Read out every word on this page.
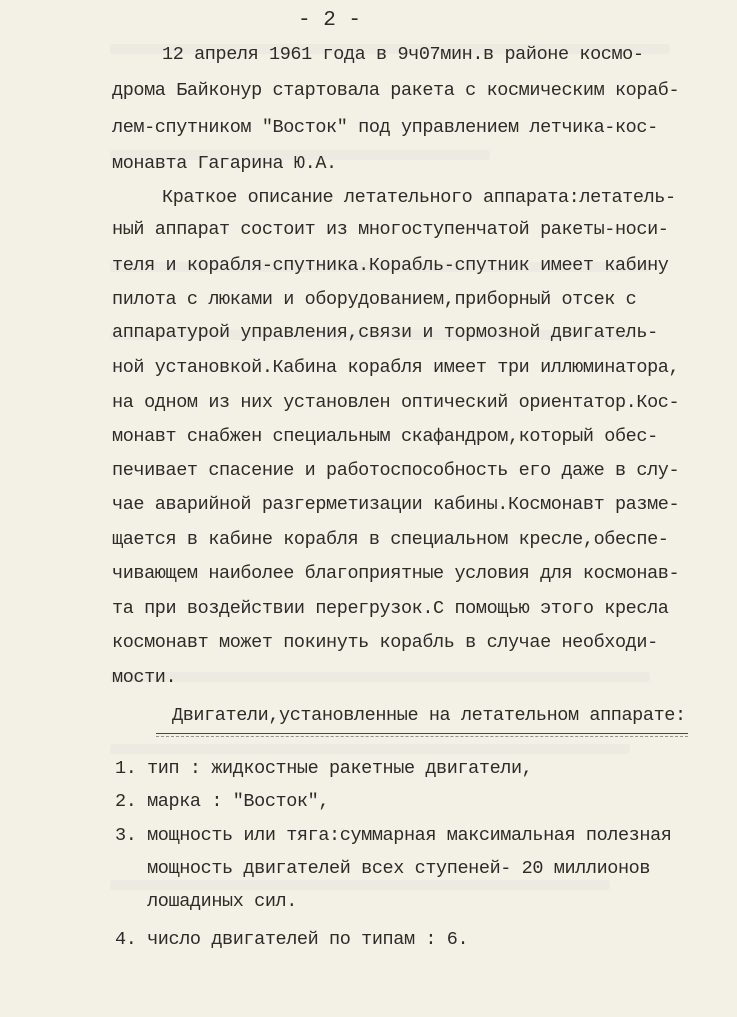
- 2 -
12 апреля 1961 года в 9ч07мин.в районе космо-
дрома Байконур стартовала ракета с космическим кораб-
лем-спутником "Восток" под управлением летчика-кос-
монавта Гагарина Ю.А.
Краткое описание летательного аппарата:летатель-
ный аппарат состоит из многоступенчатой ракеты-носи-
теля и корабля-спутника.Корабль-спутник имеет кабину
пилота с люками и оборудованием,приборный отсек с
аппаратурой управления,связи и тормозной двигатель-
ной установкой.Кабина корабля имеет три иллюминатора,
на одном из них установлен оптический ориентатор.Кос-
монавт снабжен специальным скафандром,который обес-
печивает спасение и работоспособность его даже в слу-
чае аварийной разгерметизации кабины.Космонавт разме-
щается в кабине корабля в специальном кресле,обеспе-
чивающем наиболее благоприятные условия для космонав-
та при воздействии перегрузок.С помощью этого кресла
космонавт может покинуть корабль в случае необходи-
мости.
Двигатели,установленные на летательном аппарате:
1. тип : жидкостные ракетные двигатели,
2. марка : "Восток",
3. мощность или тяга:суммарная максимальная полезная
мощность двигателей всех ступеней- 20 миллионов
лошадиных сил.
4. число двигателей по типам : 6.
